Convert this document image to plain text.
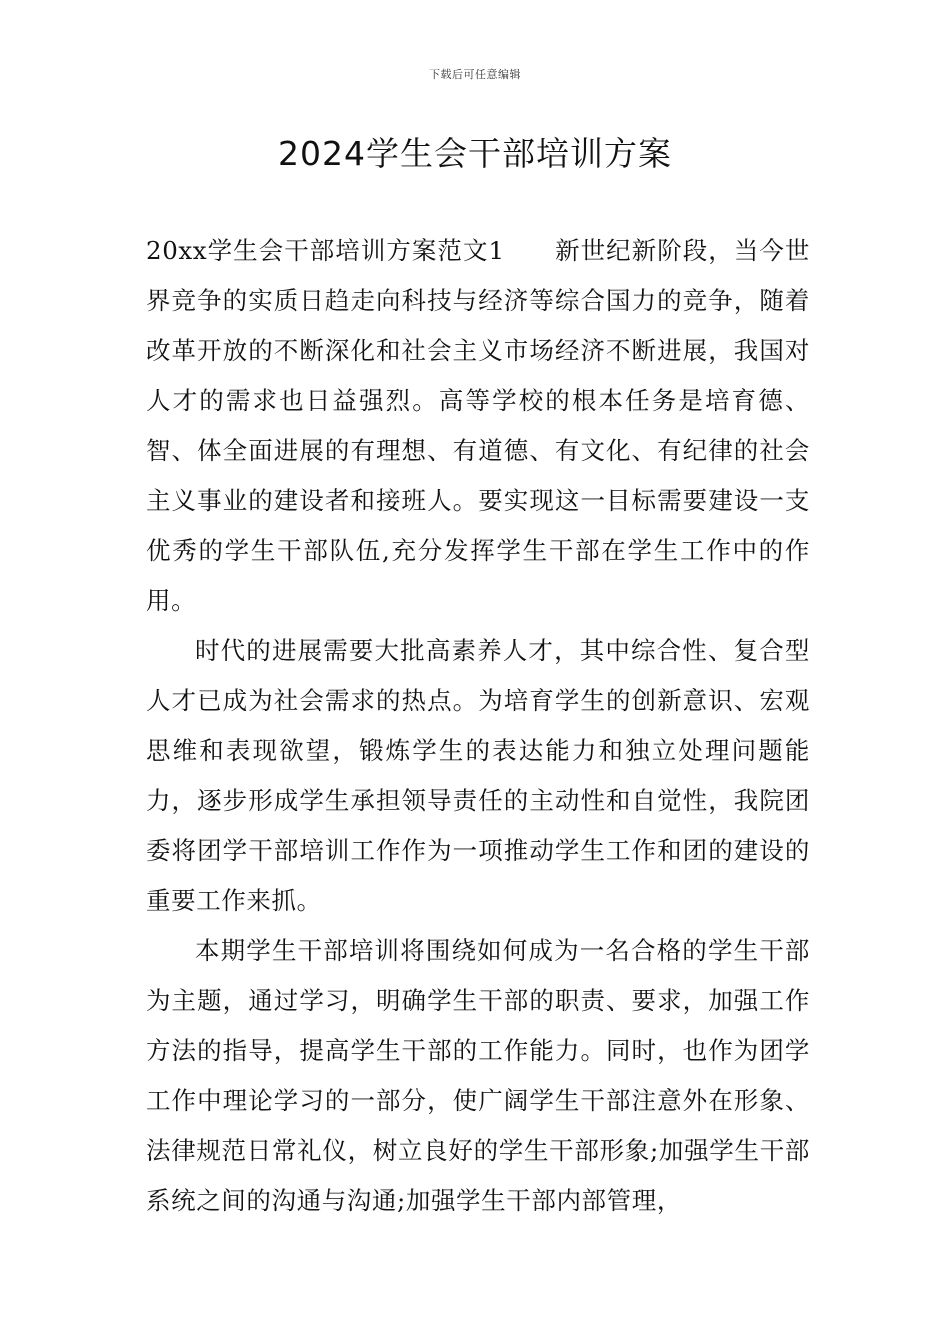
下载后可任意编辑
2024学生会干部培训方案

20xx学生会干部培训方案范文1 新世纪新阶段，当今世界竞争的实质日趋走向科技与经济等综合国力的竞争，随着改革开放的不断深化和社会主义市场经济不断进展，我国对人才的需求也日益强烈。高等学校的根本任务是培育德、智、体全面进展的有理想、有道德、有文化、有纪律的社会主义事业的建设者和接班人。要实现这一目标需要建设一支优秀的学生干部队伍,充分发挥学生干部在学生工作中的作用。

时代的进展需要大批高素养人才，其中综合性、复合型人才已成为社会需求的热点。为培育学生的创新意识、宏观思维和表现欲望，锻炼学生的表达能力和独立处理问题能力，逐步形成学生承担领导责任的主动性和自觉性，我院团委将团学干部培训工作作为一项推动学生工作和团的建设的重要工作来抓。

本期学生干部培训将围绕如何成为一名合格的学生干部为主题，通过学习，明确学生干部的职责、要求，加强工作方法的指导，提高学生干部的工作能力。同时，也作为团学工作中理论学习的一部分，使广阔学生干部注意外在形象、法律规范日常礼仪，树立良好的学生干部形象;加强学生干部系统之间的沟通与沟通;加强学生干部内部管理，
